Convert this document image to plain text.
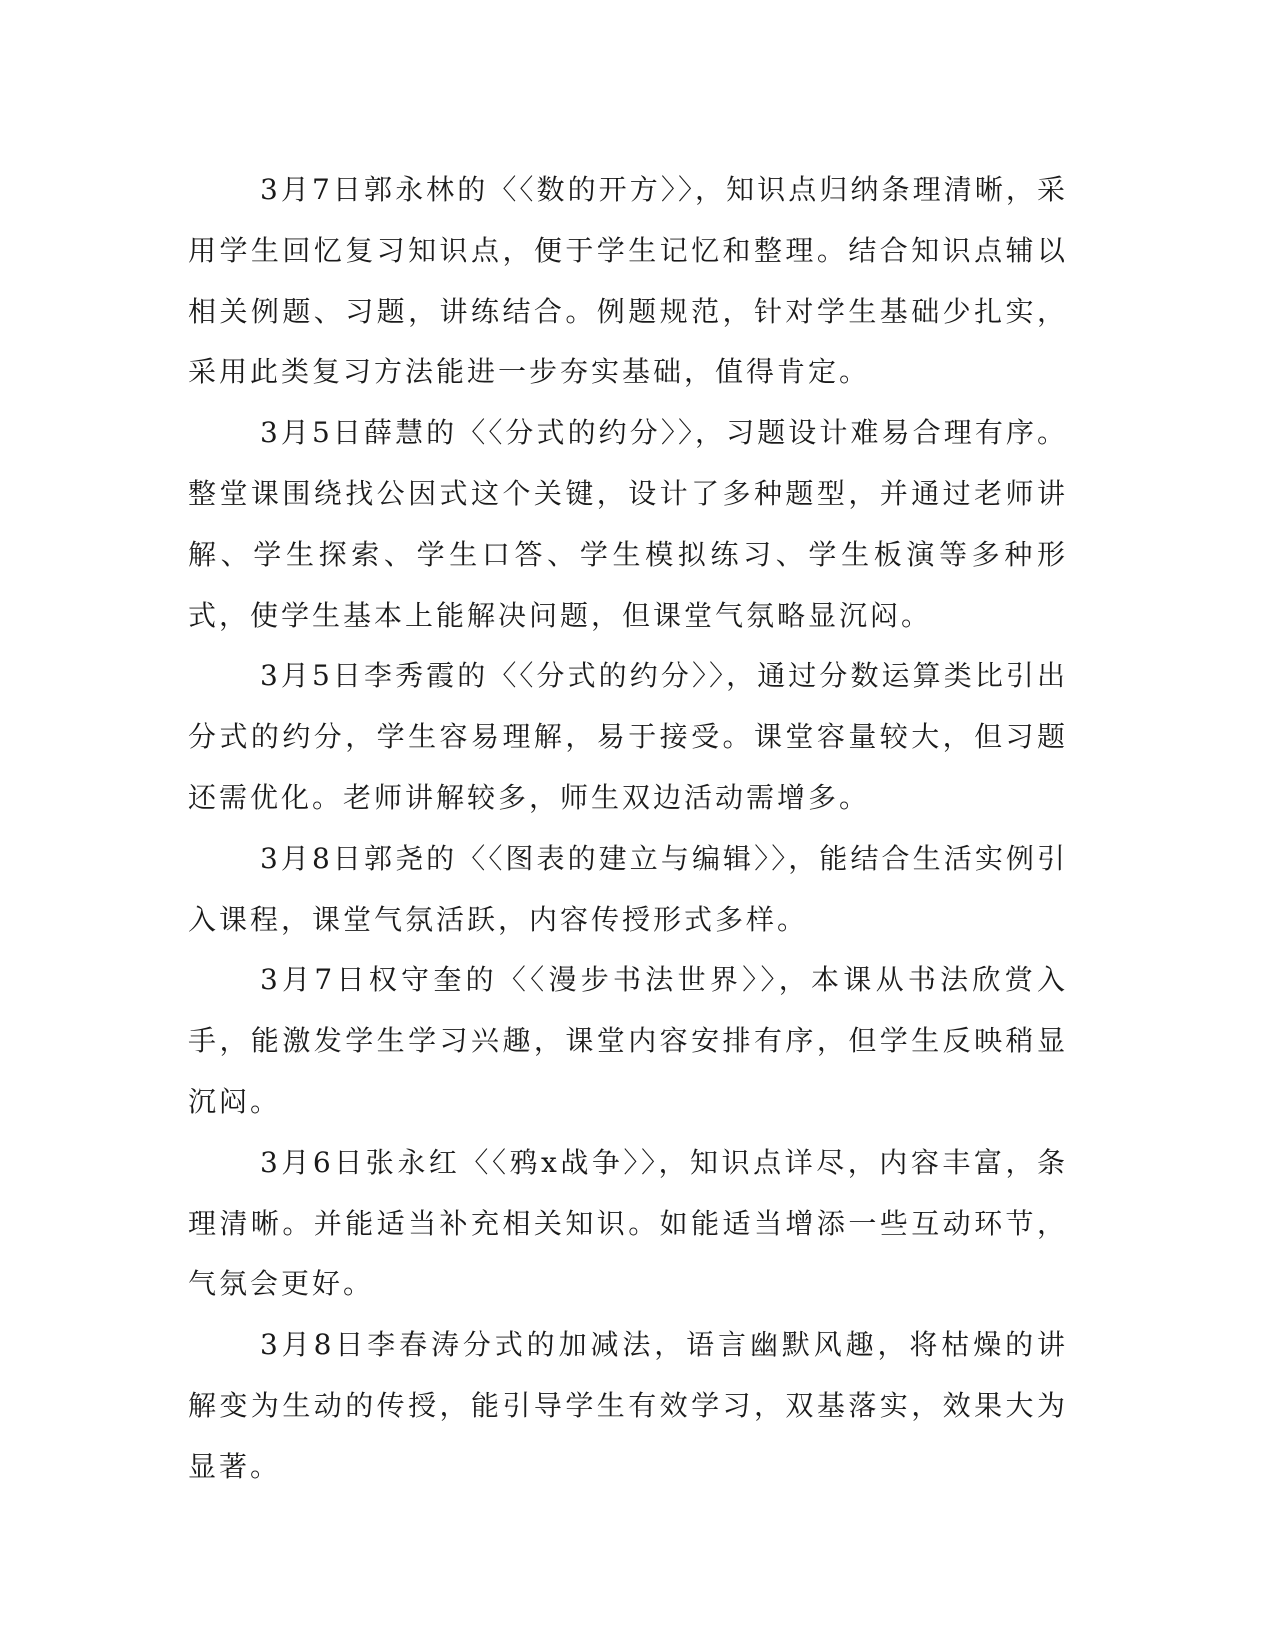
3月7日郭永林的〈〈数的开方〉〉，知识点归纳条理清晰，采用学生回忆复习知识点，便于学生记忆和整理。结合知识点辅以相关例题、习题，讲练结合。例题规范，针对学生基础少扎实，采用此类复习方法能进一步夯实基础，值得肯定。

3月5日薛慧的〈〈分式的约分〉〉，习题设计难易合理有序。整堂课围绕找公因式这个关键，设计了多种题型，并通过老师讲解、学生探索、学生口答、学生模拟练习、学生板演等多种形式，使学生基本上能解决问题，但课堂气氛略显沉闷。

3月5日李秀霞的〈〈分式的约分〉〉，通过分数运算类比引出分式的约分，学生容易理解，易于接受。课堂容量较大，但习题还需优化。老师讲解较多，师生双边活动需增多。

3月8日郭尧的〈〈图表的建立与编辑〉〉，能结合生活实例引入课程，课堂气氛活跃，内容传授形式多样。

3月7日权守奎的〈〈漫步书法世界〉〉，本课从书法欣赏入手，能激发学生学习兴趣，课堂内容安排有序，但学生反映稍显沉闷。

3月6日张永红〈〈鸦x战争〉〉，知识点详尽，内容丰富，条理清晰。并能适当补充相关知识。如能适当增添一些互动环节，气氛会更好。

3月8日李春涛分式的加减法，语言幽默风趣，将枯燥的讲解变为生动的传授，能引导学生有效学习，双基落实，效果大为显著。
